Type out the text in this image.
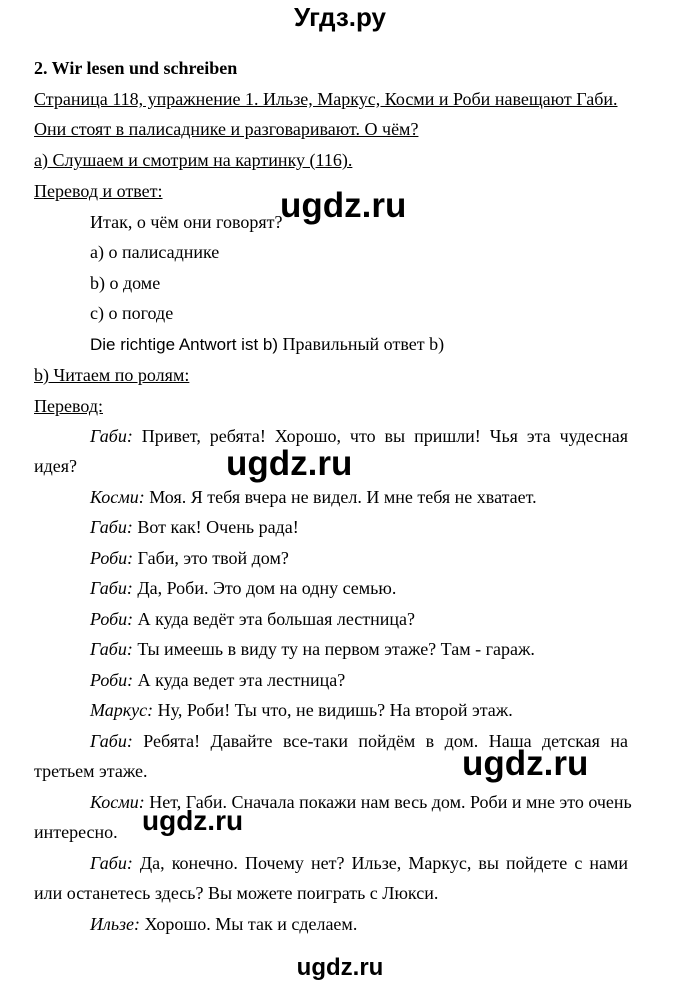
Угдз.ру
2. Wir lesen und schreiben
Страница 118, упражнение 1. Ильзе, Маркус, Косми и Роби навещают Габи.
Они стоят в палисаднике и разговаривают. О чём?
а) Слушаем и смотрим на картинку (116).
Перевод и ответ:
Итак, о чём они говорят?
а) о палисаднике
b) о доме
c) о погоде
Die richtige Antwort ist b) Правильный ответ b)
b) Читаем по ролям:
Перевод:
Габи: Привет, ребята! Хорошо, что вы пришли! Чья эта чудесная
идея?
Косми: Моя. Я тебя вчера не видел. И мне тебя не хватает.
Габи: Вот как! Очень рада!
Роби: Габи, это твой дом?
Габи: Да, Роби. Это дом на одну семью.
Роби: А куда ведёт эта большая лестница?
Габи: Ты имеешь в виду ту на первом этаже? Там - гараж.
Роби: А куда ведет эта лестница?
Маркус: Ну, Роби! Ты что, не видишь? На второй этаж.
Габи: Ребята! Давайте все-таки пойдём в дом. Наша детская на
третьем этаже.
Косми: Нет, Габи. Сначала покажи нам весь дом. Роби и мне это очень
интересно.
Габи: Да, конечно. Почему нет? Ильзе, Маркус, вы пойдете с нами
или останетесь здесь? Вы можете поиграть с Люкси.
Ильзе: Хорошо. Мы так и сделаем.
ugdz.ru
ugdz.ru
ugdz.ru
ugdz.ru
ugdz.ru
